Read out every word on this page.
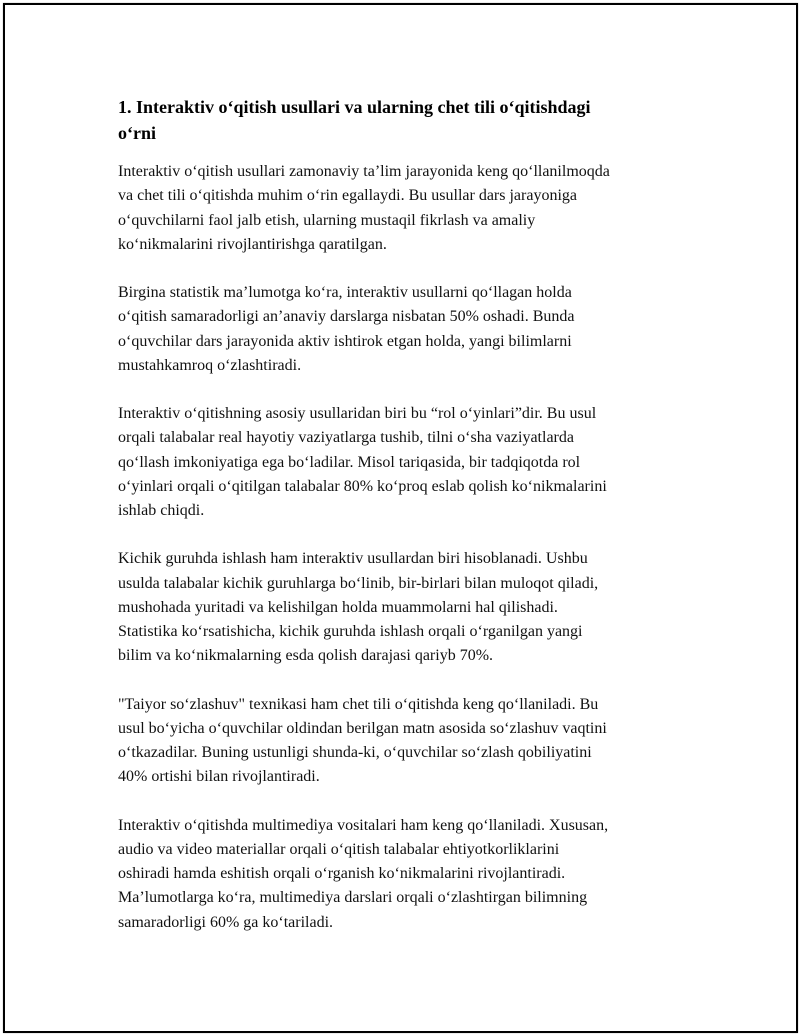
1. Interaktiv o‘qitish usullari va ularning chet tili o‘qitishdagi
o‘rni

Interaktiv o‘qitish usullari zamonaviy ta’lim jarayonida keng qo‘llanilmoqda
va chet tili o‘qitishda muhim o‘rin egallaydi. Bu usullar dars jarayoniga
o‘quvchilarni faol jalb etish, ularning mustaqil fikrlash va amaliy
ko‘nikmalarini rivojlantirishga qaratilgan.

Birgina statistik ma’lumotga ko‘ra, interaktiv usullarni qo‘llagan holda
o‘qitish samaradorligi an’anaviy darslarga nisbatan 50% oshadi. Bunda
o‘quvchilar dars jarayonida aktiv ishtirok etgan holda, yangi bilimlarni
mustahkamroq o‘zlashtiradi.

Interaktiv o‘qitishning asosiy usullaridan biri bu “rol o‘yinlari”dir. Bu usul
orqali talabalar real hayotiy vaziyatlarga tushib, tilni o‘sha vaziyatlarda
qo‘llash imkoniyatiga ega bo‘ladilar. Misol tariqasida, bir tadqiqotda rol
o‘yinlari orqali o‘qitilgan talabalar 80% ko‘proq eslab qolish ko‘nikmalarini
ishlab chiqdi.

Kichik guruhda ishlash ham interaktiv usullardan biri hisoblanadi. Ushbu
usulda talabalar kichik guruhlarga bo‘linib, bir-birlari bilan muloqot qiladi,
mushohada yuritadi va kelishilgan holda muammolarni hal qilishadi.
Statistika ko‘rsatishicha, kichik guruhda ishlash orqali o‘rganilgan yangi
bilim va ko‘nikmalarning esda qolish darajasi qariyb 70%.

"Taiyor so‘zlashuv" texnikasi ham chet tili o‘qitishda keng qo‘llaniladi. Bu
usul bo‘yicha o‘quvchilar oldindan berilgan matn asosida so‘zlashuv vaqtini
o‘tkazadilar. Buning ustunligi shunda-ki, o‘quvchilar so‘zlash qobiliyatini
40% ortishi bilan rivojlantiradi.

Interaktiv o‘qitishda multimediya vositalari ham keng qo‘llaniladi. Xususan,
audio va video materiallar orqali o‘qitish talabalar ehtiyotkorliklarini
oshiradi hamda eshitish orqali o‘rganish ko‘nikmalarini rivojlantiradi.
Ma’lumotlarga ko‘ra, multimediya darslari orqali o‘zlashtirgan bilimning
samaradorligi 60% ga ko‘tariladi.
